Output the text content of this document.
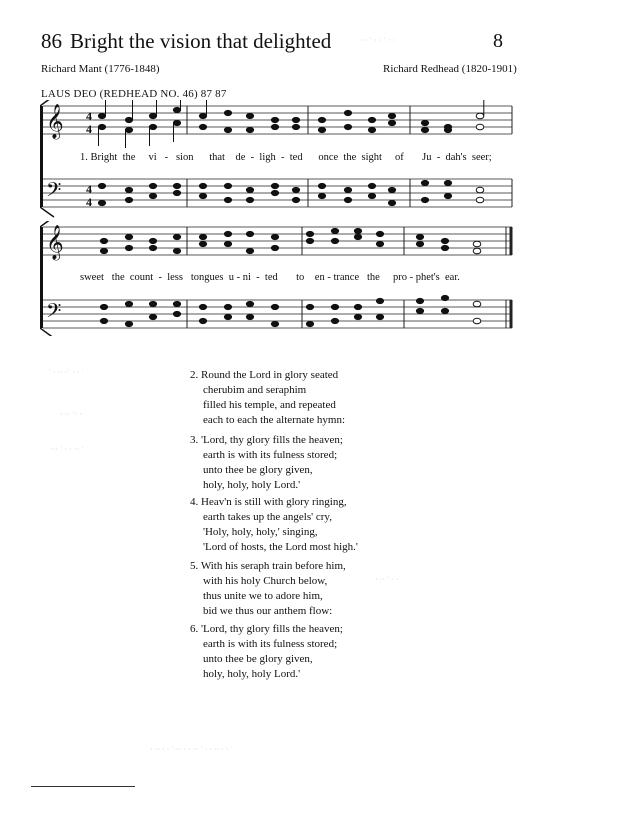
86 Bright the vision that delighted	8
· · ˙ · · ˙ · ·
Richard Mant (1776-1848)	Richard Redhead (1820-1901)
LAUS DEO (REDHEAD NO. 46) 87 87
𝄞
𝄢
4
4
4
4
1. Bright the vi - sion that de - ligh - ted once the sight of Ju - dah's seer;
𝄞
𝄢
sweet the count - less tongues u - ni - ted to en - trance the pro - phet's ear.
˙ · ·· ·˙ · · ˙
· ·· ˙· ·
··· ˙ · · ·· ˙
· ·· ˙ · ·
· ·· · · ˙ ·· · · ·· ˙ · · ·· · · ˙
2. Round the Lord in glory seated
cherubim and seraphim
filled his temple, and repeated
each to each the alternate hymn:
3. 'Lord, thy glory fills the heaven;
earth is with its fulness stored;
unto thee be glory given,
holy, holy, holy Lord.'
4. Heav'n is still with glory ringing,
earth takes up the angels' cry,
'Holy, holy, holy,' singing,
'Lord of hosts, the Lord most high.'
5. With his seraph train before him,
with his holy Church below,
thus unite we to adore him,
bid we thus our anthem flow:
6. 'Lord, thy glory fills the heaven;
earth is with its fulness stored;
unto thee be glory given,
holy, holy, holy Lord.'
